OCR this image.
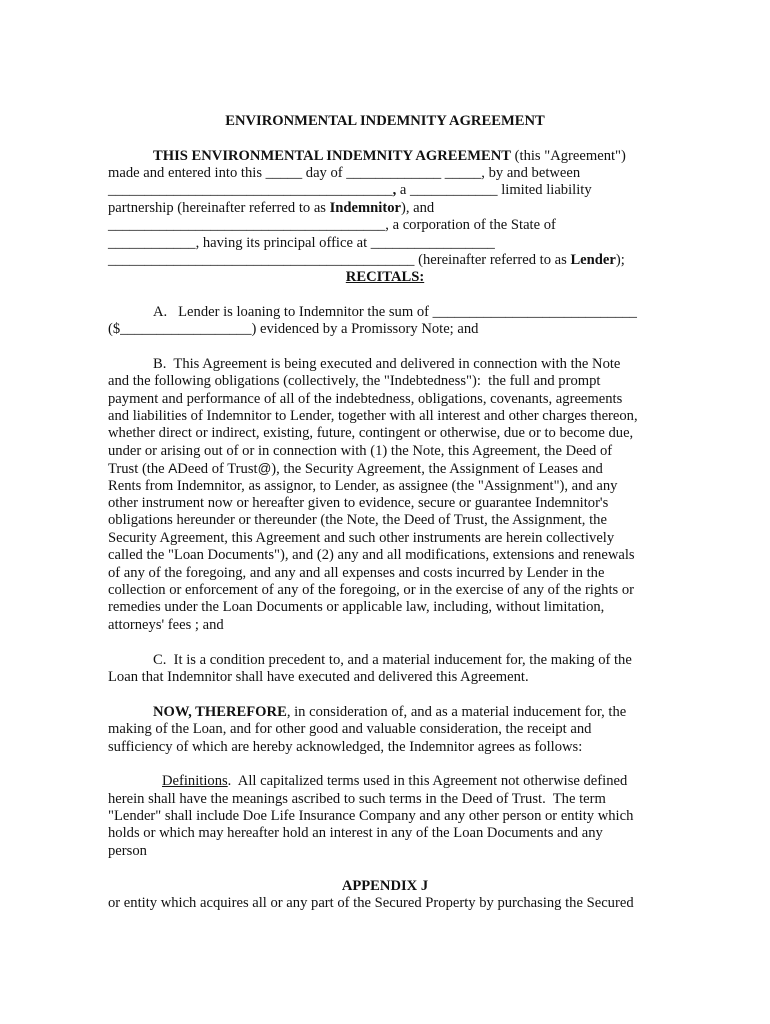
ENVIRONMENTAL INDEMNITY AGREEMENT
THIS ENVIRONMENTAL INDEMNITY AGREEMENT (this "Agreement")
made and entered into this _____ day of _____________ _____, by and between
_______________________________________, a ____________ limited liability
partnership (hereinafter referred to as Indemnitor), and
______________________________________, a corporation of the State of
____________, having its principal office at _________________
__________________________________________ (hereinafter referred to as Lender);
RECITALS:
A.   Lender is loaning to Indemnitor the sum of ____________________________
($__________________) evidenced by a Promissory Note; and
B.  This Agreement is being executed and delivered in connection with the Note
and the following obligations (collectively, the "Indebtedness"):  the full and prompt
payment and performance of all of the indebtedness, obligations, covenants, agreements
and liabilities of Indemnitor to Lender, together with all interest and other charges thereon,
whether direct or indirect, existing, future, contingent or otherwise, due or to become due,
under or arising out of or in connection with (1) the Note, this Agreement, the Deed of
Trust (the ADeed of Trust@), the Security Agreement, the Assignment of Leases and
Rents from Indemnitor, as assignor, to Lender, as assignee (the "Assignment"), and any
other instrument now or hereafter given to evidence, secure or guarantee Indemnitor's
obligations hereunder or thereunder (the Note, the Deed of Trust, the Assignment, the
Security Agreement, this Agreement and such other instruments are herein collectively
called the "Loan Documents"), and (2) any and all modifications, extensions and renewals
of any of the foregoing, and any and all expenses and costs incurred by Lender in the
collection or enforcement of any of the foregoing, or in the exercise of any of the rights or
remedies under the Loan Documents or applicable law, including, without limitation,
attorneys' fees ; and
C.  It is a condition precedent to, and a material inducement for, the making of the
Loan that Indemnitor shall have executed and delivered this Agreement.
NOW, THEREFORE, in consideration of, and as a material inducement for, the
making of the Loan, and for other good and valuable consideration, the receipt and
sufficiency of which are hereby acknowledged, the Indemnitor agrees as follows:
Definitions.  All capitalized terms used in this Agreement not otherwise defined
herein shall have the meanings ascribed to such terms in the Deed of Trust.  The term
"Lender" shall include Doe Life Insurance Company and any other person or entity which
holds or which may hereafter hold an interest in any of the Loan Documents and any
person
APPENDIX J
or entity which acquires all or any part of the Secured Property by purchasing the Secured
